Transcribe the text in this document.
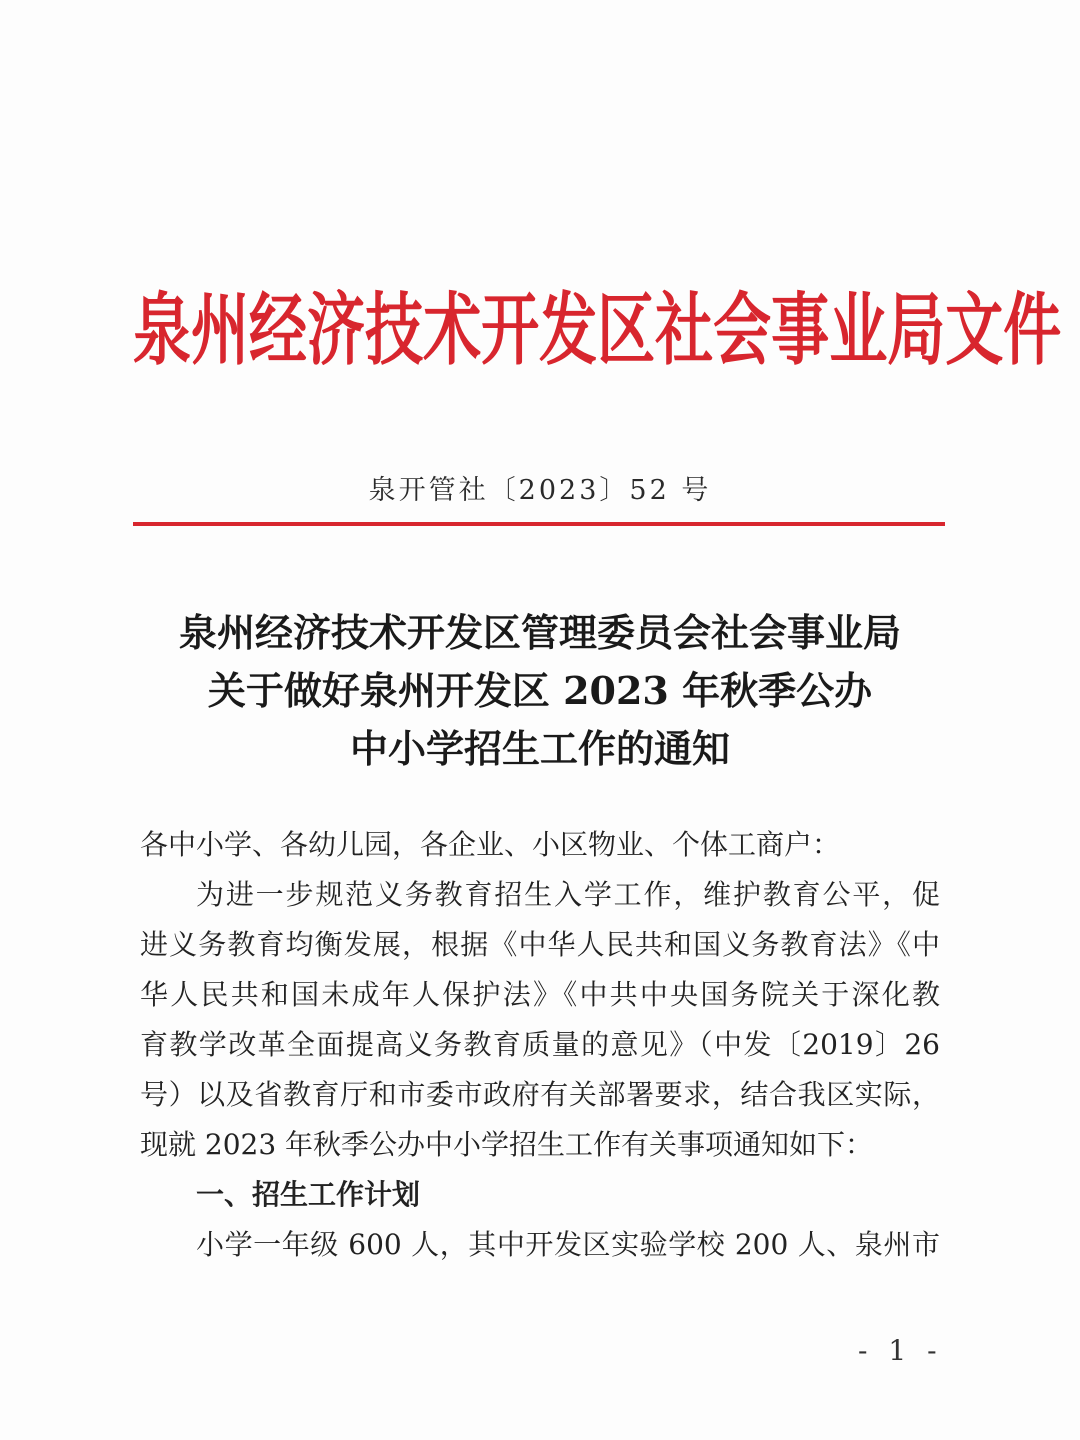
泉 州 经 济 技 术 开 发 区 社 会 事 业 局 文 件
泉开管社〔2023〕52 号
泉州经济技术开发区管理委员会社会事业局
关于做好泉州开发区 2023 年秋季公办
中小学招生工作的通知
各中小学、各幼儿园，各企业、小区物业、个体工商户：
为进一步规范义务教育招生入学工作，维护教育公平，促
进义务教育均衡发展，根据《中华人民共和国义务教育法》《中
华人民共和国未成年人保护法》《中共中央国务院关于深化教
育教学改革全面提高义务教育质量的意见》（中发〔2019〕26
号）以及省教育厅和市委市政府有关部署要求，结合我区实际，
现就 2023 年秋季公办中小学招生工作有关事项通知如下：
一、招生工作计划
小学一年级 600 人，其中开发区实验学校 200 人、泉州市
- 1 -
